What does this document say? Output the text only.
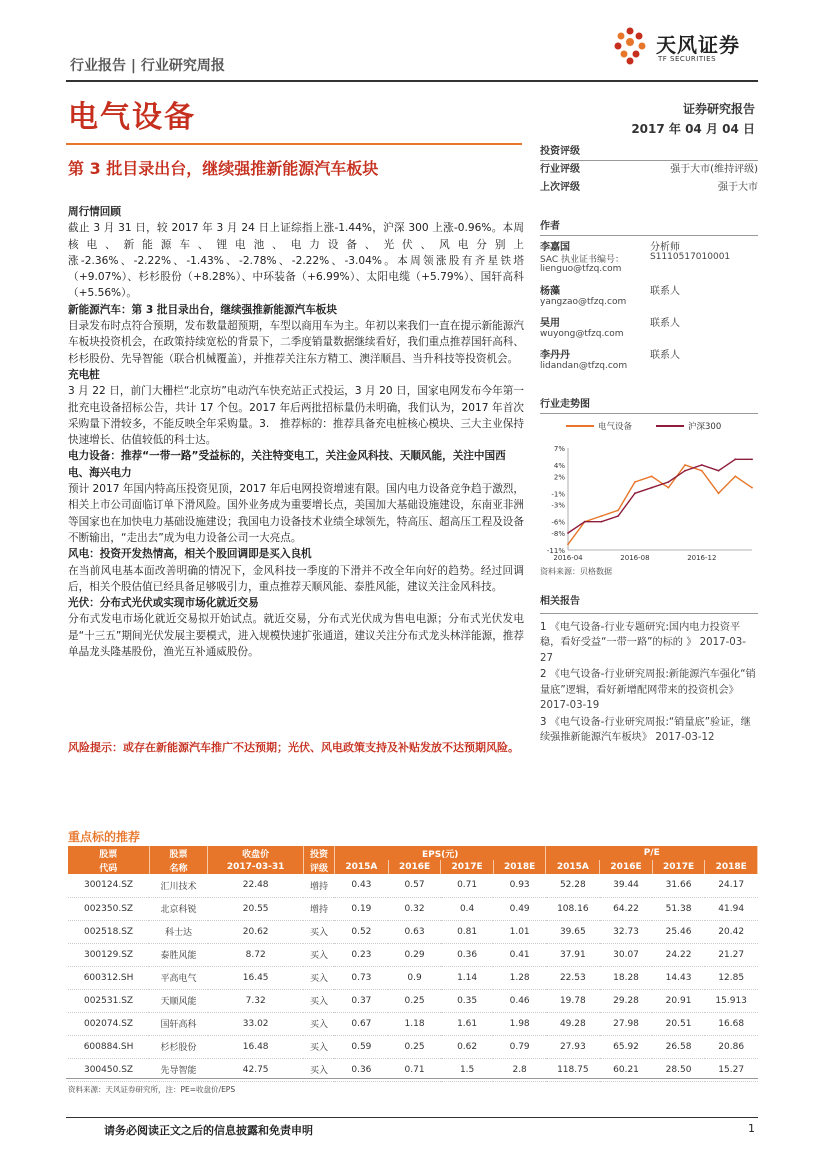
行业报告 | 行业研究周报
天风证券
TF SECURITIES
电气设备	证券研究报告
2017 年 04 月 04 日
第 3 批目录出台，继续强推新能源汽车板块
周行情回顾

截止 3 月 31 日，较 2017 年 3 月 24 日上证综指上涨-1.44%，沪深 300 上涨-0.96%。本周核电、新能源车、锂电池、电力设备、光伏、风电分别上涨-2.36%、-2.22%、-1.43%、-2.78%、-2.22%、-3.04%。本周领涨股有齐星铁塔（+9.07%）、杉杉股份（+8.28%）、中环装备（+6.99%）、太阳电缆（+5.79%）、国轩高科（+5.56%）。

新能源汽车：第 3 批目录出台，继续强推新能源汽车板块

目录发布时点符合预期，发布数量超预期，车型以商用车为主。年初以来我们一直在提示新能源汽车板块投资机会，在政策持续宽松的背景下，二季度销量数据继续看好，我们重点推荐国轩高科、杉杉股份、先导智能（联合机械覆盖），并推荐关注东方精工、澳洋顺昌、当升科技等投资机会。

充电桩

3 月 22 日，前门大栅栏“北京坊”电动汽车快充站正式投运，3 月 20 日，国家电网发布今年第一批充电设备招标公告，共计 17 个包。2017 年后两批招标量仍未明确，我们认为，2017 年首次采购量下滑较多，不能反映全年采购量。3.　推荐标的：推荐具备充电桩核心模块、三大主业保持快速增长、估值较低的科士达。

电力设备：推荐“一带一路”受益标的，关注特变电工，关注金风科技、天顺风能，关注中国西电、海兴电力

预计 2017 年国内特高压投资见顶，2017 年后电网投资增速有限。国内电力设备竞争趋于激烈，相关上市公司面临订单下滑风险。国外业务成为重要增长点，美国加大基础设施建设，东南亚非洲等国家也在加快电力基础设施建设；我国电力设备技术业绩全球领先，特高压、超高压工程及设备不断输出，“走出去”成为电力设备公司一大亮点。

风电：投资开发热情高，相关个股回调即是买入良机

在当前风电基本面改善明确的情况下，金风科技一季度的下滑并不改全年向好的趋势。经过回调后，相关个股估值已经具备足够吸引力，重点推荐天顺风能、泰胜风能，建议关注金风科技。

光伏：分布式光伏或实现市场化就近交易

分布式发电市场化就近交易拟开始试点。就近交易，分布式光伏成为售电电源；分布式光伏发电是“十三五”期间光伏发展主要模式，进入规模快速扩张通道，建议关注分布式龙头林洋能源，推荐单晶龙头隆基股份，渔光互补通威股份。

风险提示：或存在新能源汽车推广不达预期；光伏、风电政策支持及补贴发放不达预期风险。
投资评级
行业评级	强于大市(维持评级)
上次评级	强于大市
作者
李嘉国	分析师
SAC 执业证书编号：	S1110517010001
lienguo@tfzq.com
杨藻	联系人
yangzao@tfzq.com
吴用	联系人
wuyong@tfzq.com
李丹丹	联系人
lidandan@tfzq.com
行业走势图
电气设备	沪深300
7%
4%
2%
-1%
-3%
-6%
-8%
-11%
2016-04	2016-08	2016-12
资料来源：贝格数据
相关报告
1 《电气设备-行业专题研究:国内电力投资平稳，看好受益“一带一路”的标的 》 2017-03-27
2 《电气设备-行业研究周报:新能源汽车强化“销量底”逻辑，看好新增配网带来的投资机会》 2017-03-19
3 《电气设备-行业研究周报:“销量底”验证，继续强推新能源汽车板块》 2017-03-12
重点标的推荐
股票	股票	收盘价	投资	EPS(元)				P/E			
代码	名称	2017-03-31	评级	2015A	2016E	2017E	2018E	2015A	2016E	2017E	2018E
300124.SZ	汇川技术	22.48	增持	0.43	0.57	0.71	0.93	52.28	39.44	31.66	24.17
002350.SZ	北京科锐	20.55	增持	0.19	0.32	0.4	0.49	108.16	64.22	51.38	41.94
002518.SZ	科士达	20.62	买入	0.52	0.63	0.81	1.01	39.65	32.73	25.46	20.42
300129.SZ	泰胜风能	8.72	买入	0.23	0.29	0.36	0.41	37.91	30.07	24.22	21.27
600312.SH	平高电气	16.45	买入	0.73	0.9	1.14	1.28	22.53	18.28	14.43	12.85
002531.SZ	天顺风能	7.32	买入	0.37	0.25	0.35	0.46	19.78	29.28	20.91	15.913
002074.SZ	国轩高科	33.02	买入	0.67	1.18	1.61	1.98	49.28	27.98	20.51	16.68
600884.SH	杉杉股份	16.48	买入	0.59	0.25	0.62	0.79	27.93	65.92	26.58	20.86
300450.SZ	先导智能	42.75	买入	0.36	0.71	1.5	2.8	118.75	60.21	28.50	15.27
资料来源：天风证券研究所，注：PE=收盘价/EPS
请务必阅读正文之后的信息披露和免责申明	1
